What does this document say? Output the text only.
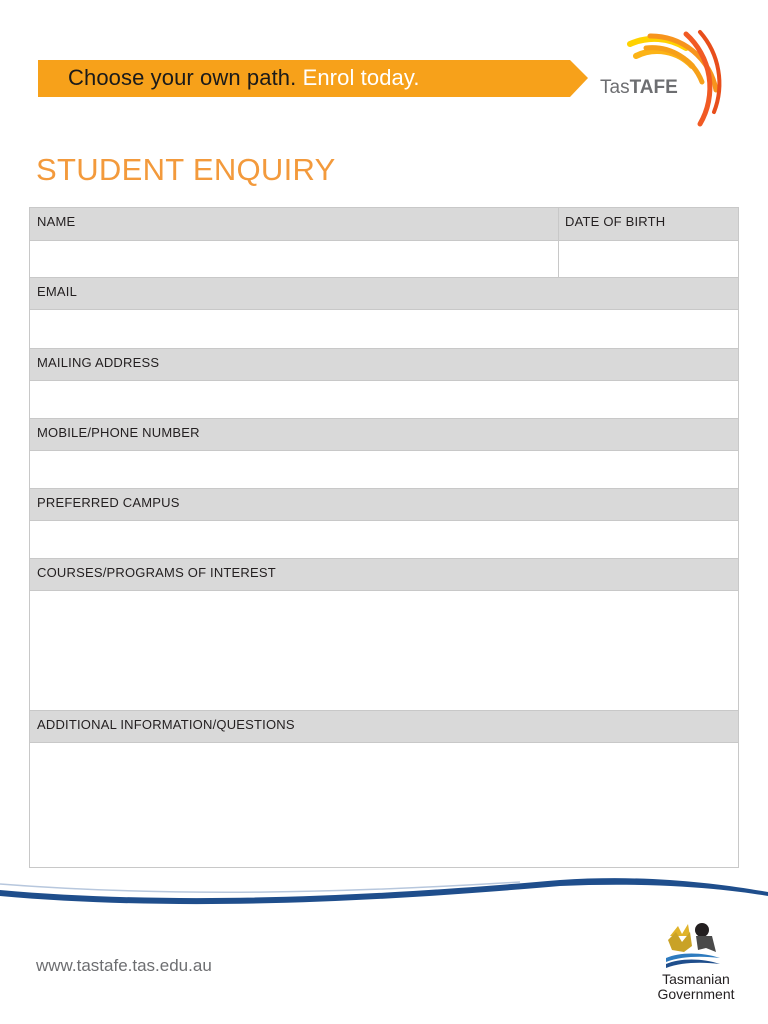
Choose your own path. Enrol today.	TasTAFE
STUDENT ENQUIRY
NAME	DATE OF BIRTH
EMAIL
MAILING ADDRESS
MOBILE/PHONE NUMBER
PREFERRED CAMPUS
COURSES/PROGRAMS OF INTEREST
ADDITIONAL INFORMATION/QUESTIONS
www.tastafe.tas.edu.au
Tasmanian
Government
